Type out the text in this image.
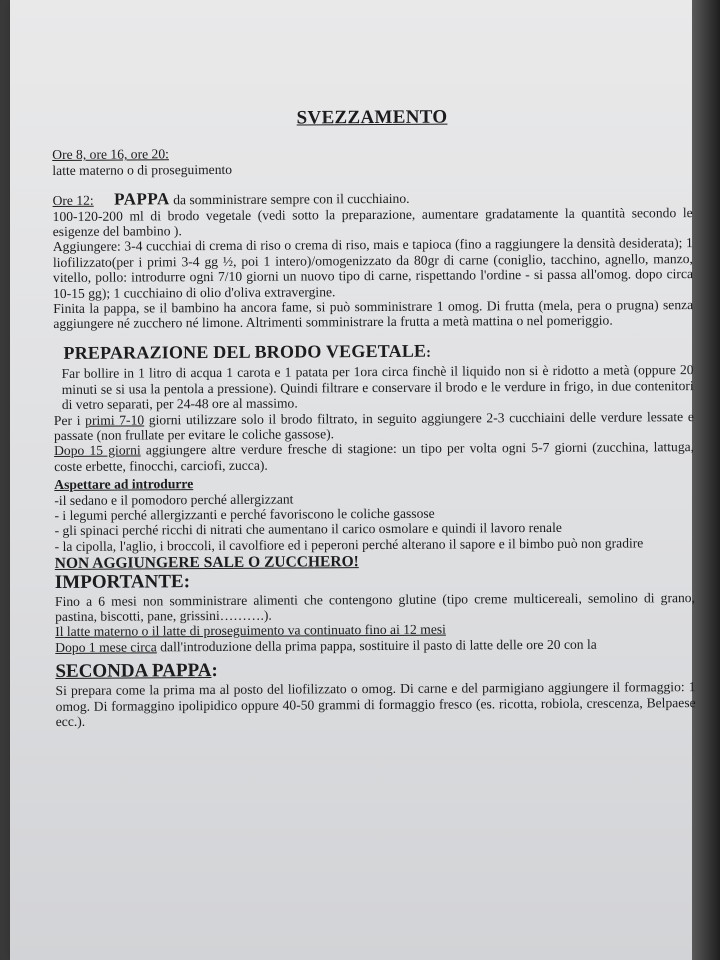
SVEZZAMENTO

Ore 8, ore 16, ore 20:

latte materno o di proseguimento

Ore 12: PAPPA da somministrare sempre con il cucchiaino.

100-120-200 ml di brodo vegetale (vedi sotto la preparazione, aumentare gradatamente la quantità secondo le esigenze del bambino ).

Aggiungere: 3-4 cucchiai di crema di riso o crema di riso, mais e tapioca (fino a raggiungere la densità desiderata); 1 liofilizzato(per i primi 3-4 gg ½, poi 1 intero)/omogenizzato da 80gr di carne (coniglio, tacchino, agnello, manzo, vitello, pollo: introdurre ogni 7/10 giorni un nuovo tipo di carne, rispettando l'ordine - si passa all'omog. dopo circa 10-15 gg); 1 cucchiaino di olio d'oliva extravergine.

Finita la pappa, se il bambino ha ancora fame, si può somministrare 1 omog. Di frutta (mela, pera o prugna) senza aggiungere né zucchero né limone. Altrimenti somministrare la frutta a metà mattina o nel pomeriggio.

PREPARAZIONE DEL BRODO VEGETALE:

Far bollire in 1 litro di acqua 1 carota e 1 patata per 1ora circa finchè il liquido non si è ridotto a metà (oppure 20 minuti se si usa la pentola a pressione). Quindi filtrare e conservare il brodo e le verdure in frigo, in due contenitori di vetro separati, per 24-48 ore al massimo.

Per i primi 7-10 giorni utilizzare solo il brodo filtrato, in seguito aggiungere 2-3 cucchiaini delle verdure lessate e passate (non frullate per evitare le coliche gassose).

Dopo 15 giorni aggiungere altre verdure fresche di stagione: un tipo per volta ogni 5-7 giorni (zucchina, lattuga, coste erbette, finocchi, carciofi, zucca).

Aspettare ad introdurre

-il sedano e il pomodoro perché allergizzant

- i legumi perché allergizzanti e perché favoriscono le coliche gassose

- gli spinaci perché ricchi di nitrati che aumentano il carico osmolare e quindi il lavoro renale

- la cipolla, l'aglio, i broccoli, il cavolfiore ed i peperoni perché alterano il sapore e il bimbo può non gradire

NON AGGIUNGERE SALE O ZUCCHERO!

IMPORTANTE:

Fino a 6 mesi non somministrare alimenti che contengono glutine (tipo creme multicereali, semolino di grano, pastina, biscotti, pane, grissini……….).

Il latte materno o il latte di proseguimento va continuato fino ai 12 mesi

Dopo 1 mese circa dall'introduzione della prima pappa, sostituire il pasto di latte delle ore 20 con la

SECONDA PAPPA:

Si prepara come la prima ma al posto del liofilizzato o omog. Di carne e del parmigiano aggiungere il formaggio: 1 omog. Di formaggino ipolipidico oppure 40-50 grammi di formaggio fresco (es. ricotta, robiola, crescenza, Belpaese ecc.).
